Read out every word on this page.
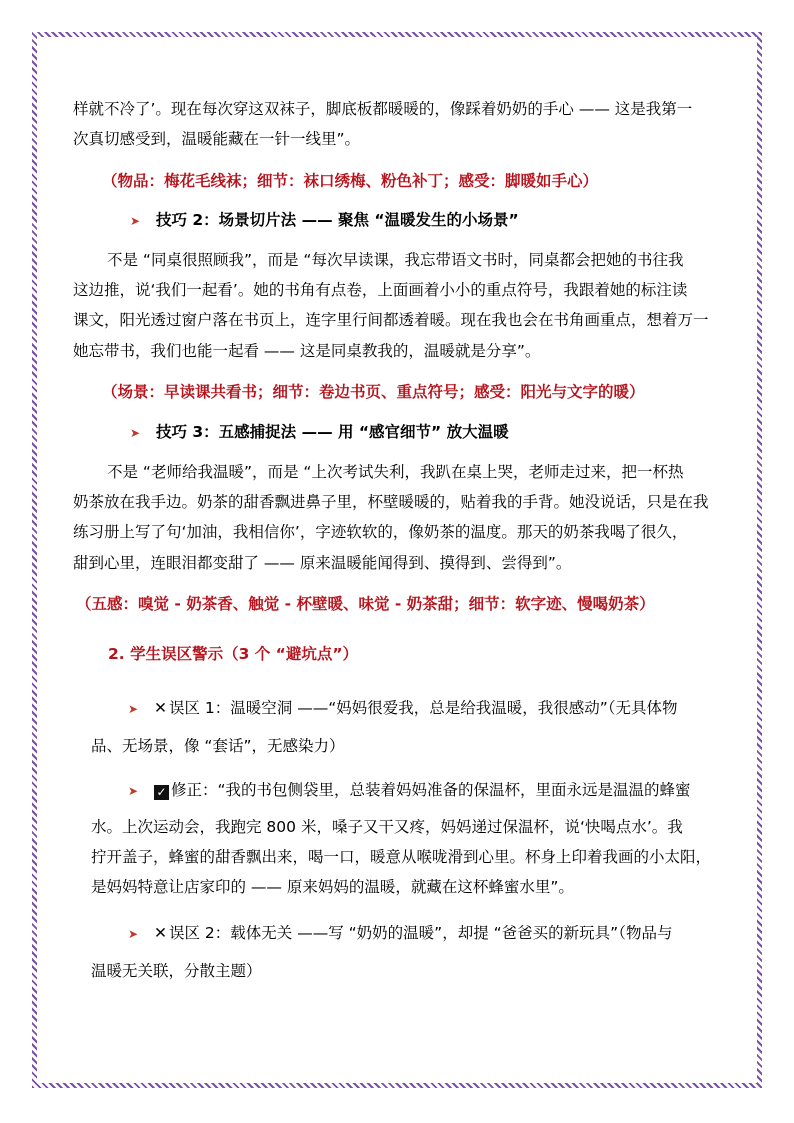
样就不冷了’。现在每次穿这双袜子，脚底板都暖暖的，像踩着奶奶的手心 —— 这是我第一
次真切感受到，温暖能藏在一针一线里”。
（物品：梅花毛线袜；细节：袜口绣梅、粉色补丁；感受：脚暖如手心）
➤ 技巧 2：场景切片法 —— 聚焦 “温暖发生的小场景”
不是 “同桌很照顾我”，而是 “每次早读课，我忘带语文书时，同桌都会把她的书往我
这边推，说‘我们一起看’。她的书角有点卷，上面画着小小的重点符号，我跟着她的标注读
课文，阳光透过窗户落在书页上，连字里行间都透着暖。现在我也会在书角画重点，想着万一
她忘带书，我们也能一起看 —— 这是同桌教我的，温暖就是分享”。
（场景：早读课共看书；细节：卷边书页、重点符号；感受：阳光与文字的暖）
➤ 技巧 3：五感捕捉法 —— 用 “感官细节” 放大温暖
不是 “老师给我温暖”，而是 “上次考试失利，我趴在桌上哭，老师走过来，把一杯热
奶茶放在我手边。奶茶的甜香飘进鼻子里，杯壁暖暖的，贴着我的手背。她没说话，只是在我
练习册上写了句‘加油，我相信你’，字迹软软的，像奶茶的温度。那天的奶茶我喝了很久，
甜到心里，连眼泪都变甜了 —— 原来温暖能闻得到、摸得到、尝得到”。
（五感：嗅觉 - 奶茶香、触觉 - 杯壁暖、味觉 - 奶茶甜；细节：软字迹、慢喝奶茶）
2. 学生误区警示（3 个 “避坑点”）
➤ ✕ 误区 1：温暖空洞 ——“妈妈很爱我，总是给我温暖，我很感动”（无具体物
品、无场景，像 “套话”，无感染力）
➤ ✓ 修正：“我的书包侧袋里，总装着妈妈准备的保温杯，里面永远是温温的蜂蜜
水。上次运动会，我跑完 800 米，嗓子又干又疼，妈妈递过保温杯，说‘快喝点水’。我
拧开盖子，蜂蜜的甜香飘出来，喝一口，暖意从喉咙滑到心里。杯身上印着我画的小太阳，
是妈妈特意让店家印的 —— 原来妈妈的温暖，就藏在这杯蜂蜜水里”。
➤ ✕ 误区 2：载体无关 ——写 “奶奶的温暖”，却提 “爸爸买的新玩具”（物品与
温暖无关联，分散主题）
